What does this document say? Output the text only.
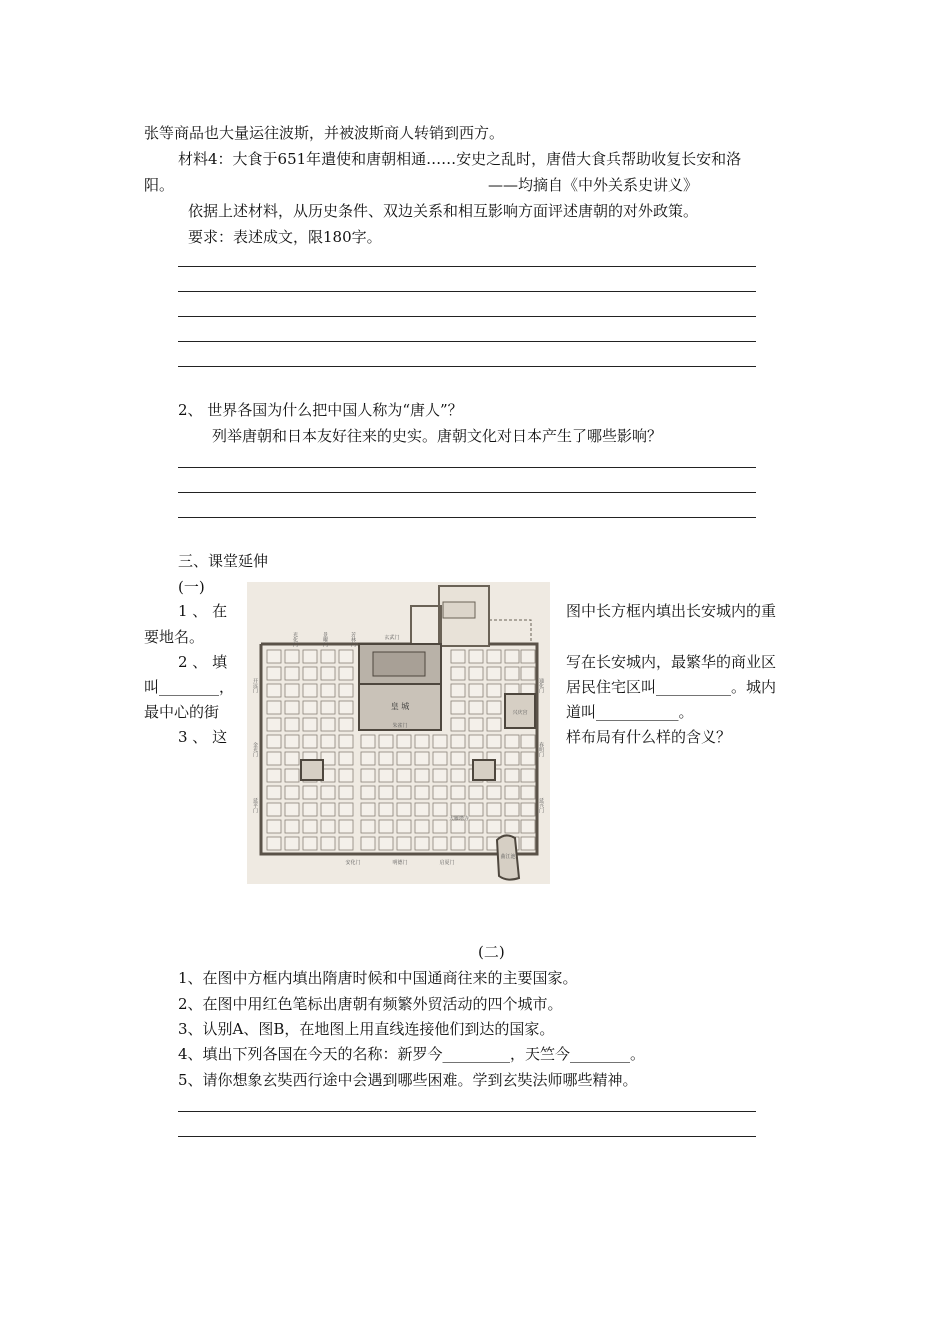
张等商品也大量运往波斯，并被波斯商人转销到西方。
材料4：大食于651年遣使和唐朝相通……安史之乱时，唐借大食兵帮助收复长安和洛
阳。	——均摘自《中外关系史讲义》
依据上述材料，从历史条件、双边关系和相互影响方面评述唐朝的对外政策。
要求：表述成文，限180字。
2、 世界各国为什么把中国人称为“唐人”？
列举唐朝和日本友好往来的史实。唐朝文化对日本产生了哪些影响？
三、课堂延伸
(一)
1 、 在	图中长方框内填出长安城内的重
要地名。
2 、 填	写在长安城内，最繁华的商业区
叫________，	居民住宅区叫__________。城内
最中心的街	道叫___________。
3 、 这	样布局有什么样的含义？
玄武门
皇 城
朱雀门
兴庆宫
安化门	明德门	启夏门
大雁塔寺
曲江池
光化门	景曜门	芳林门
开远门
金光门
延平门
通化门
春明门
延兴门
(二)
1、在图中方框内填出隋唐时候和中国通商往来的主要国家。
2、在图中用红色笔标出唐朝有频繁外贸活动的四个城市。
3、认别A、图B，在地图上用直线连接他们到达的国家。
4、填出下列各国在今天的名称：新罗今_________，天竺今________。
5、请你想象玄奘西行途中会遇到哪些困难。学到玄奘法师哪些精神。
